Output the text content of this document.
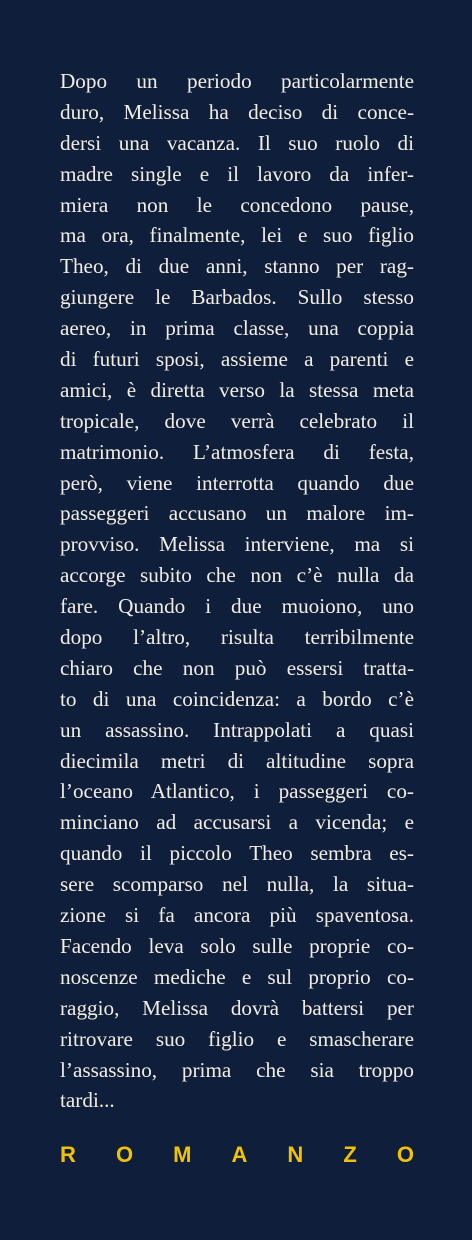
Dopo un periodo particolarmente
duro, Melissa ha deciso di conce-
dersi una vacanza. Il suo ruolo di
madre single e il lavoro da infer-
miera non le concedono pause,
ma ora, finalmente, lei e suo figlio
Theo, di due anni, stanno per rag-
giungere le Barbados. Sullo stesso
aereo, in prima classe, una coppia
di futuri sposi, assieme a parenti e
amici, è diretta verso la stessa meta
tropicale, dove verrà celebrato il
matrimonio. L’atmosfera di festa,
però, viene interrotta quando due
passeggeri accusano un malore im-
provviso. Melissa interviene, ma si
accorge subito che non c’è nulla da
fare. Quando i due muoiono, uno
dopo l’altro, risulta terribilmente
chiaro che non può essersi tratta-
to di una coincidenza: a bordo c’è
un assassino. Intrappolati a quasi
diecimila metri di altitudine sopra
l’oceano Atlantico, i passeggeri co-
minciano ad accusarsi a vicenda; e
quando il piccolo Theo sembra es-
sere scomparso nel nulla, la situa-
zione si fa ancora più spaventosa.
Facendo leva solo sulle proprie co-
noscenze mediche e sul proprio co-
raggio, Melissa dovrà battersi per
ritrovare suo figlio e smascherare
l’assassino, prima che sia troppo
tardi...
R O M A N Z O
